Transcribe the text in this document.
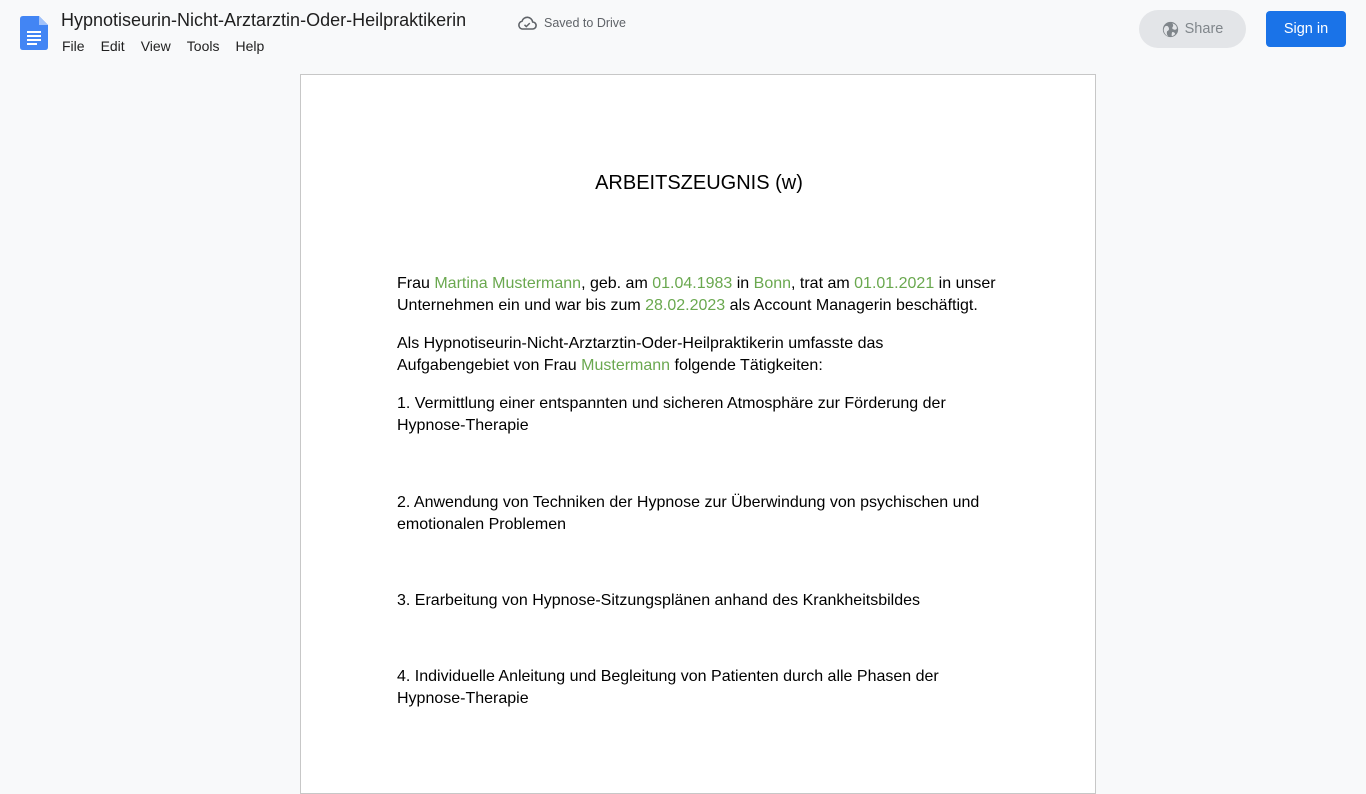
Hypnotiseurin-Nicht-Arztarztin-Oder-Heilpraktikerin	Saved to Drive
File	Edit	View	Tools	Help
Share	Sign in
ARBEITSZEUGNIS (w)

Frau Martina Mustermann, geb. am 01.04.1983 in Bonn, trat am 01.01.2021 in unser Unternehmen ein und war bis zum 28.02.2023 als Account Managerin beschäftigt.

Als Hypnotiseurin-Nicht-Arztarztin-Oder-Heilpraktikerin umfasste das Aufgabengebiet von Frau Mustermann folgende Tätigkeiten:

1. Vermittlung einer entspannten und sicheren Atmosphäre zur Förderung der Hypnose-Therapie

2. Anwendung von Techniken der Hypnose zur Überwindung von psychischen und emotionalen Problemen

3. Erarbeitung von Hypnose-Sitzungsplänen anhand des Krankheitsbildes

4. Individuelle Anleitung und Begleitung von Patienten durch alle Phasen der Hypnose-Therapie
